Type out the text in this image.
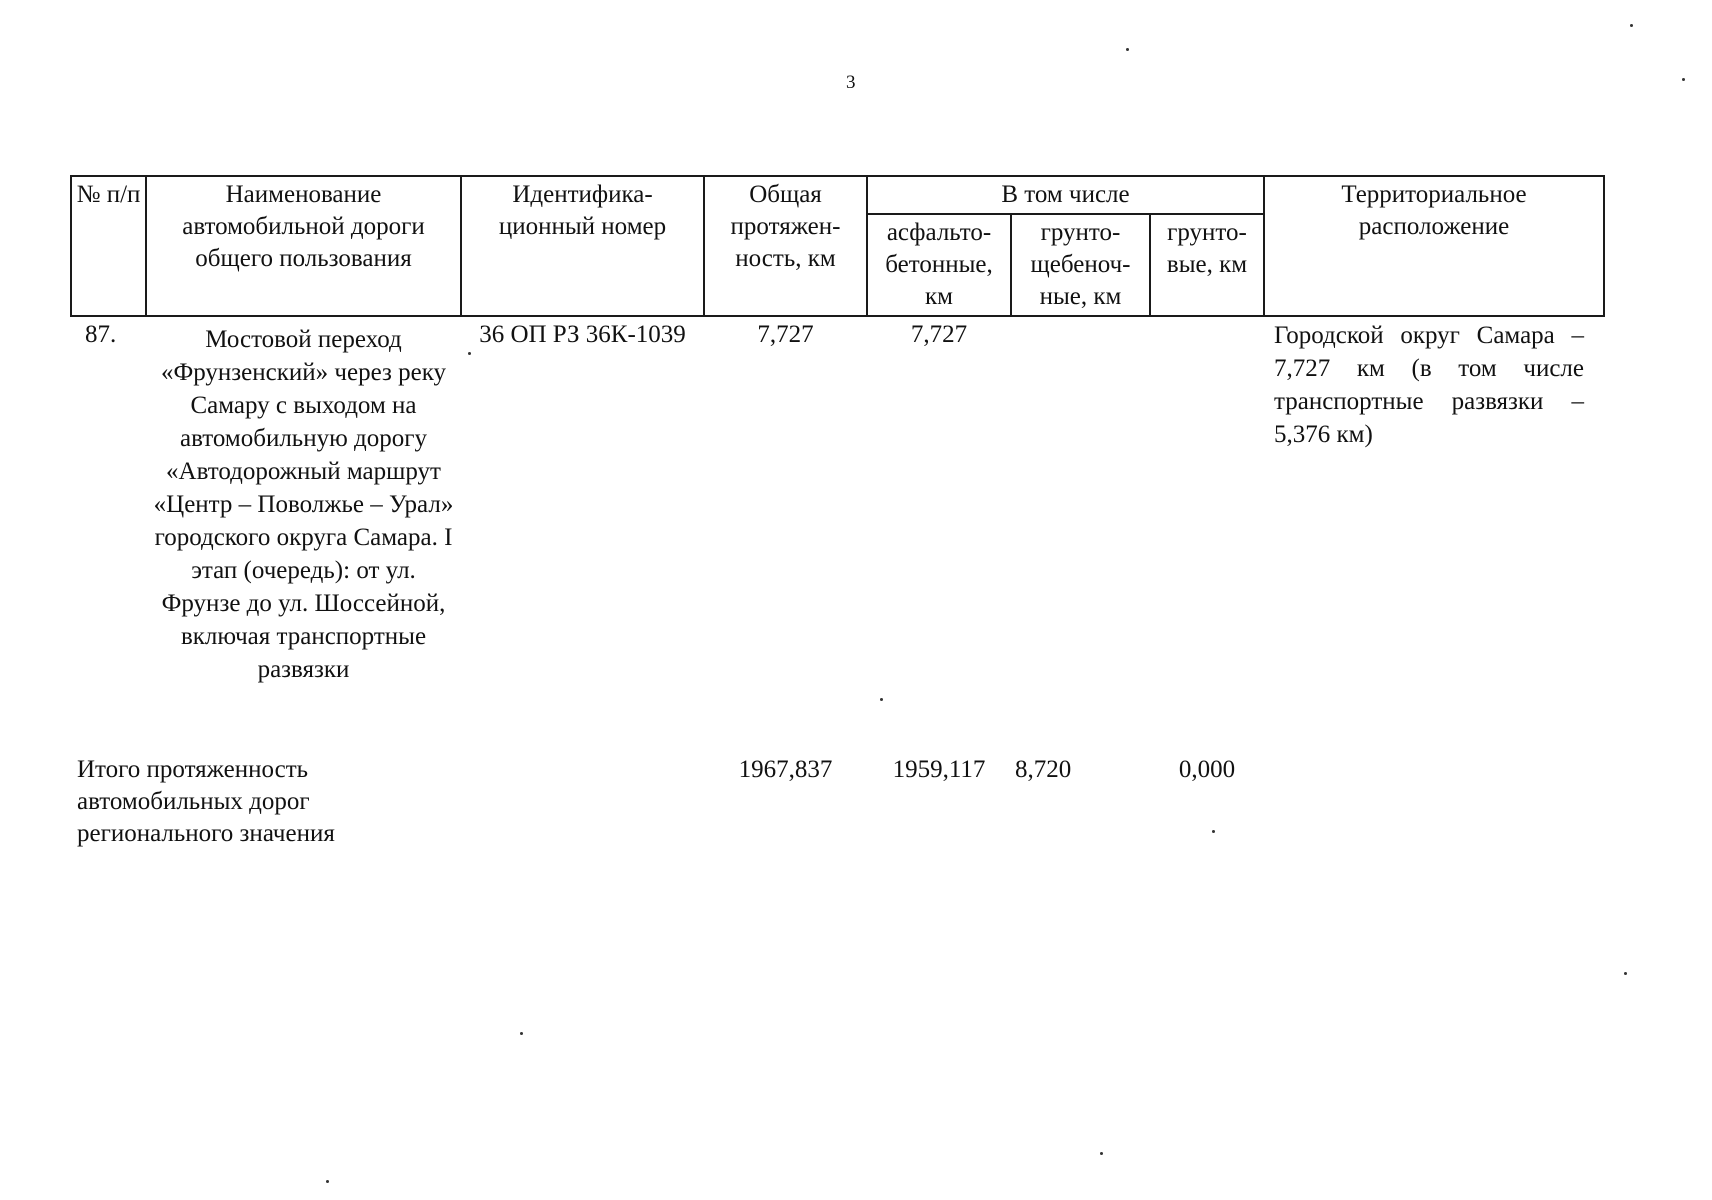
3
№ п/п	Наименование автомобильной дороги общего пользования	Идентифика-ционный номер	Общая протяжен-ность, км	В том числе			Территориальное расположение
				асфальто-бетонные, км	грунто-щебеноч-ные, км	грунто-вые, км	
87.	Мостовой переход «Фрунзенский» через реку Самару с выходом на автомобильную дорогу «Автодорожный маршрут «Центр – Поволжье – Урал» городского округа Самара. I этап (очередь): от ул. Фрунзе до ул. Шоссейной, включая транспортные развязки	36 ОП РЗ 36К-1039	7,727	7,727			Городской округ Самара – 7,727 км (в том числе транспортные развязки – 5,376 км)

Итого протяженность автомобильных дорог регионального значения			1967,837	1959,117	8,720	0,000	
